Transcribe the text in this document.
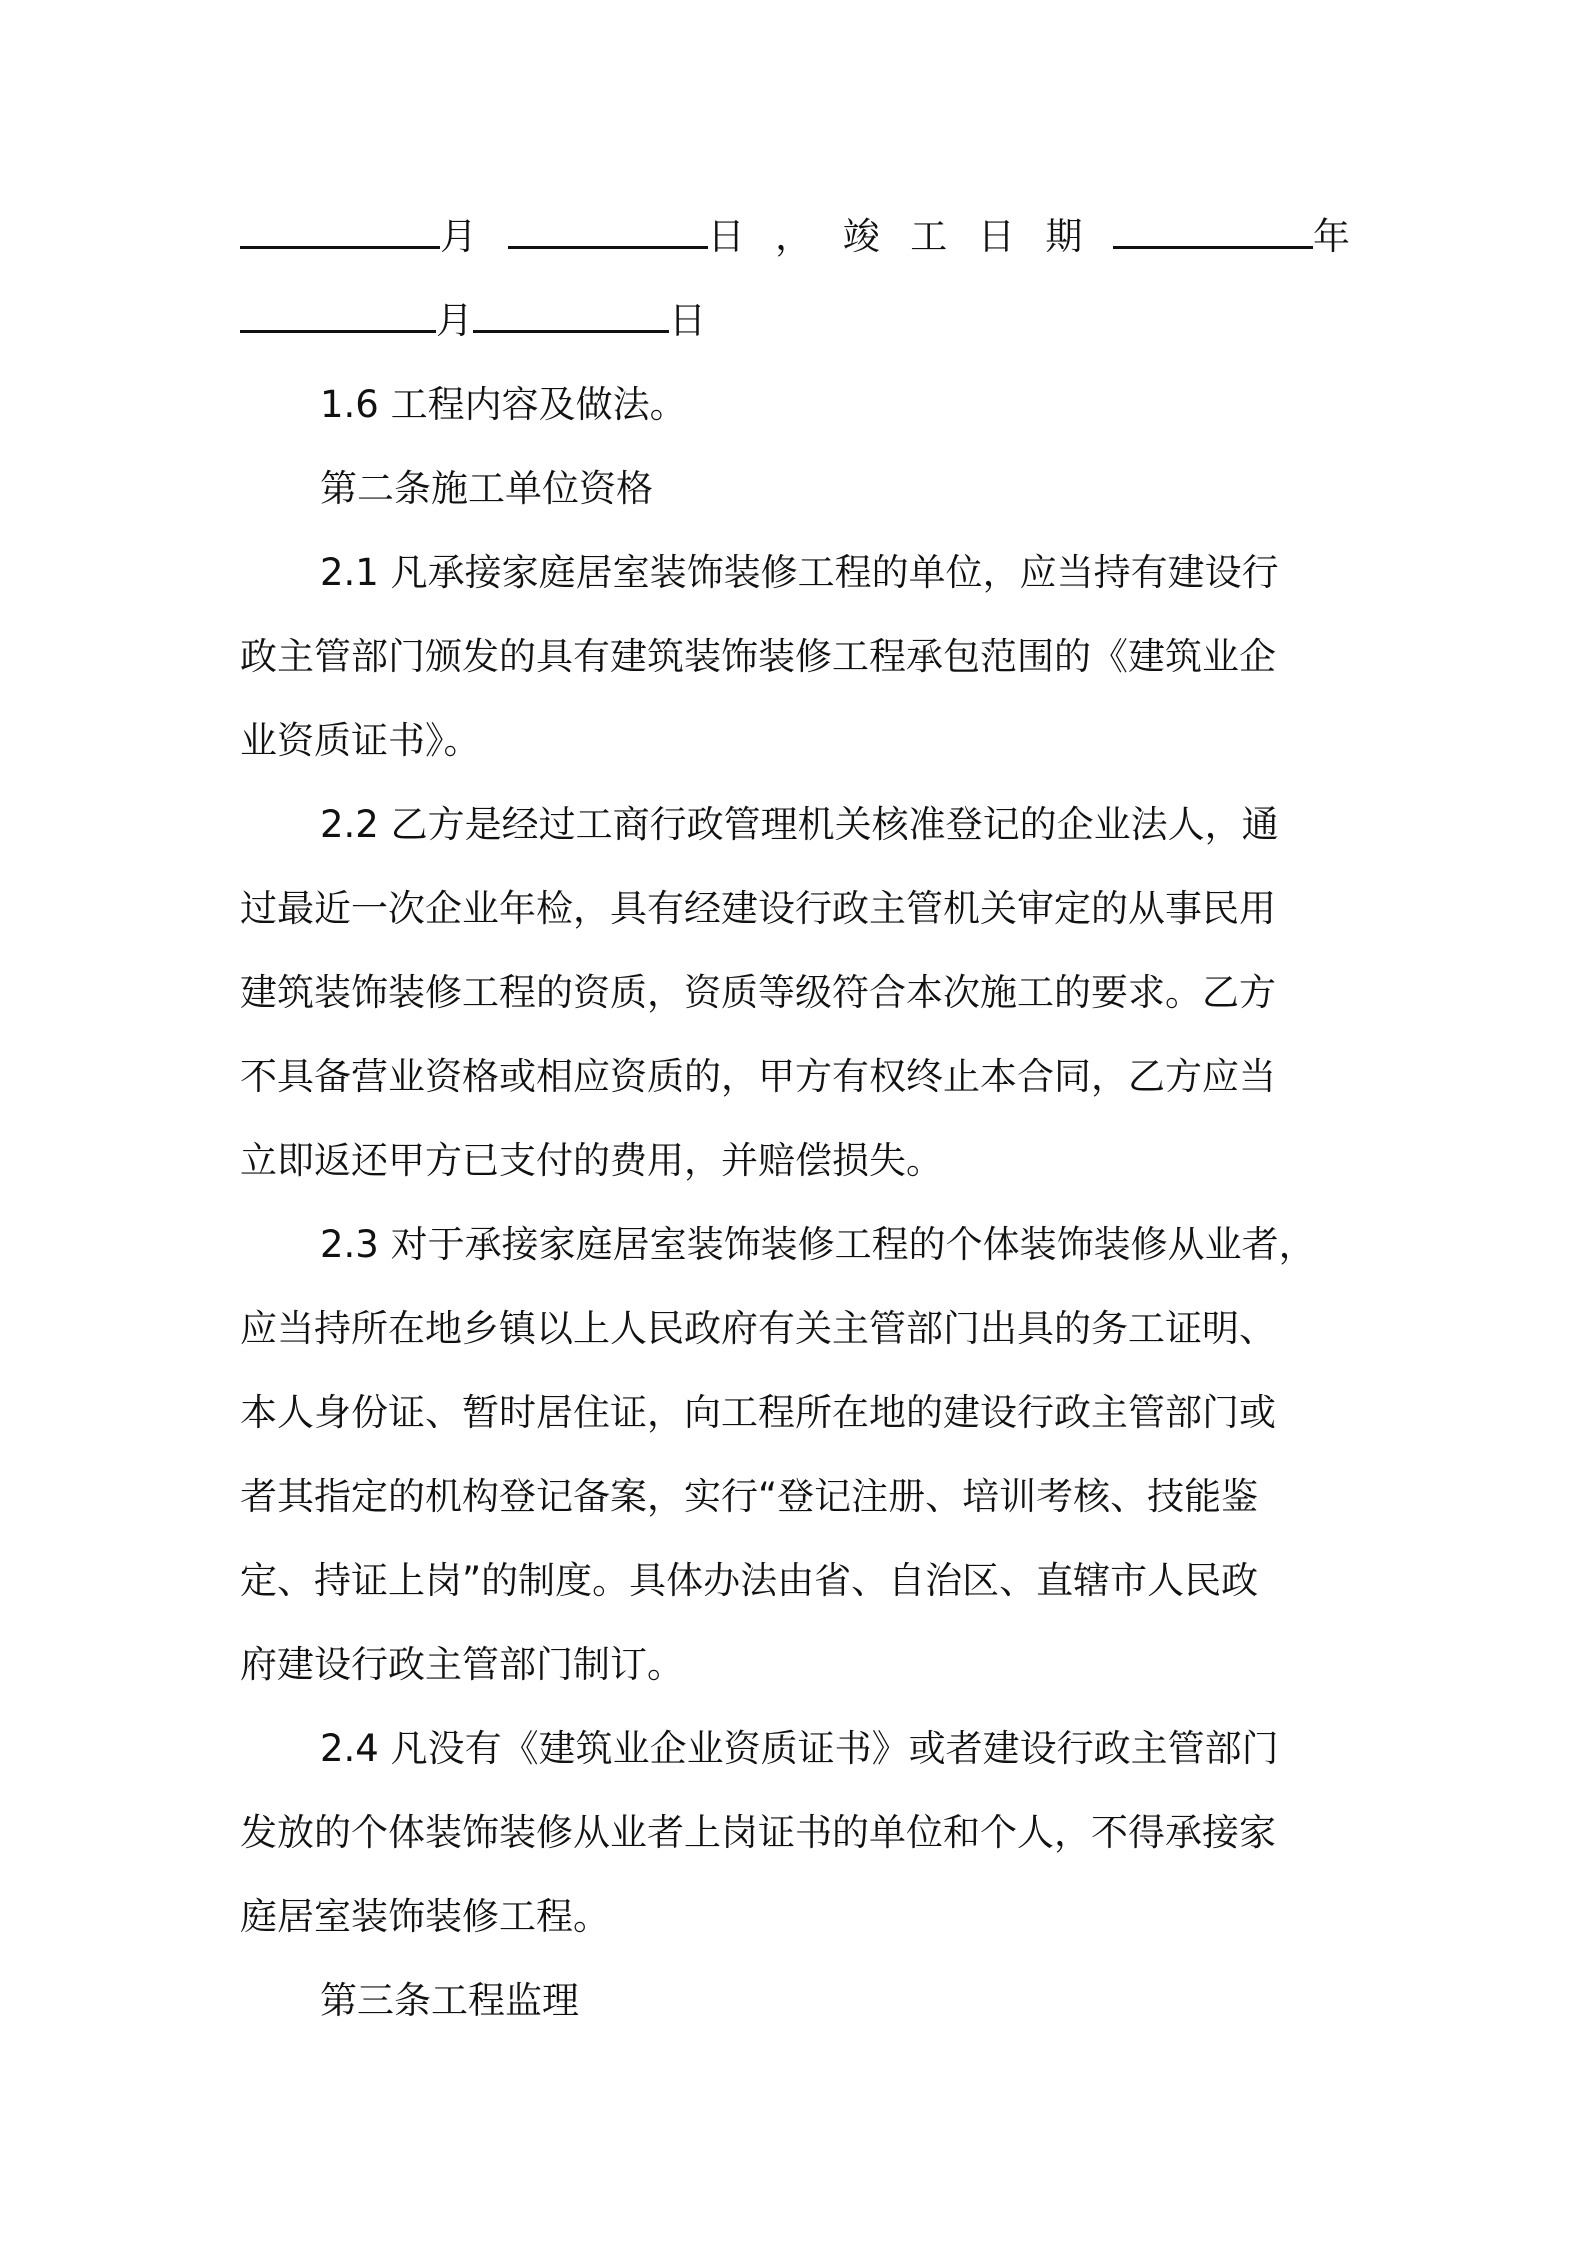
月	日 ， 竣 工 日 期	年
月	日
1.6 工程内容及做法。
第二条施工单位资格
2.1 凡承接家庭居室装饰装修工程的单位，应当持有建设行
政主管部门颁发的具有建筑装饰装修工程承包范围的《建筑业企
业资质证书》。
2.2 乙方是经过工商行政管理机关核准登记的企业法人，通
过最近一次企业年检，具有经建设行政主管机关审定的从事民用
建筑装饰装修工程的资质，资质等级符合本次施工的要求。乙方
不具备营业资格或相应资质的，甲方有权终止本合同，乙方应当
立即返还甲方已支付的费用，并赔偿损失。
2.3 对于承接家庭居室装饰装修工程的个体装饰装修从业者，
应当持所在地乡镇以上人民政府有关主管部门出具的务工证明、
本人身份证、暂时居住证，向工程所在地的建设行政主管部门或
者其指定的机构登记备案，实行“登记注册、培训考核、技能鉴
定、持证上岗”的制度。具体办法由省、自治区、直辖市人民政
府建设行政主管部门制订。
2.4 凡没有《建筑业企业资质证书》或者建设行政主管部门
发放的个体装饰装修从业者上岗证书的单位和个人，不得承接家
庭居室装饰装修工程。
第三条工程监理
